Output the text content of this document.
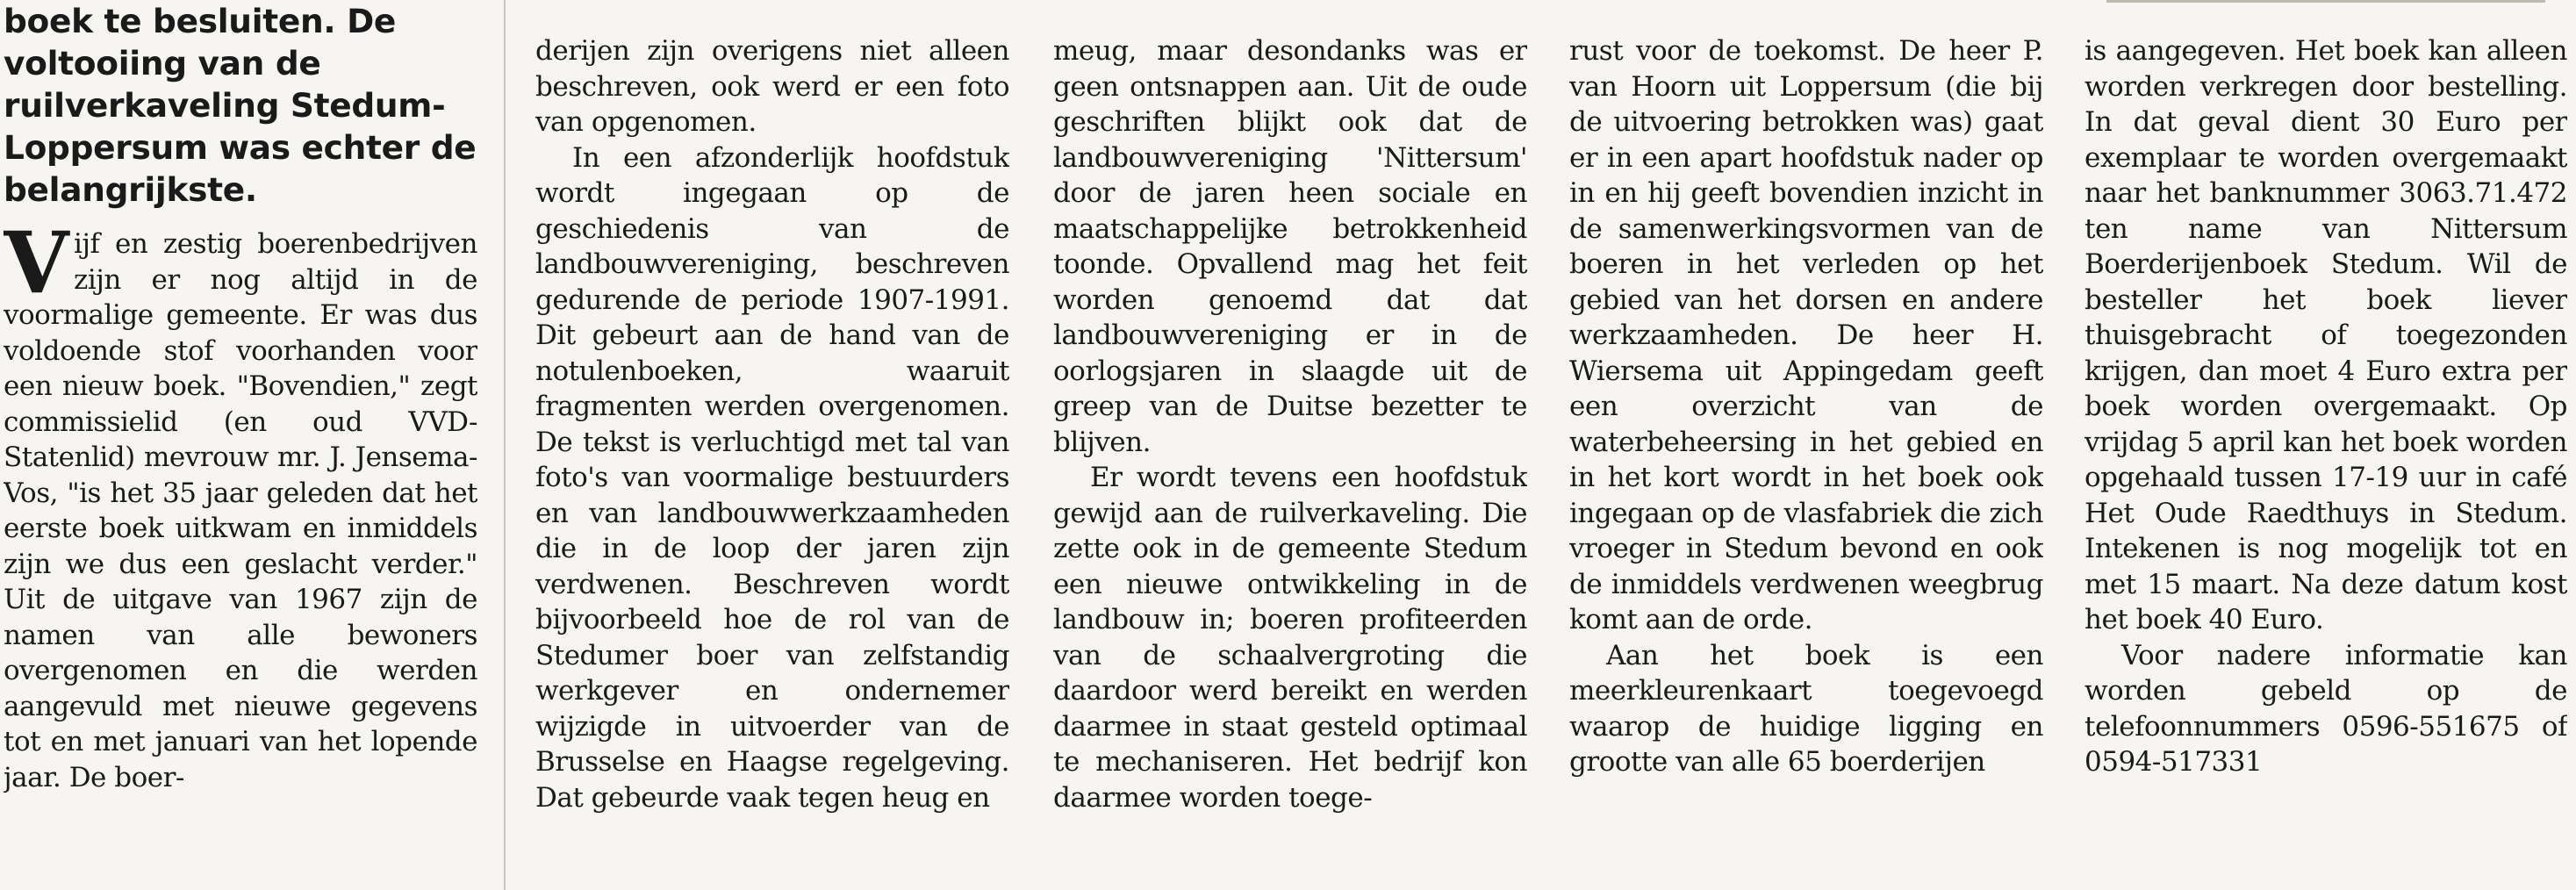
boek te besluiten. De voltooiing van de ruilverkaveling Stedum-Loppersum was echter de belangrijkste.

Vijf en zestig boerenbedrijven zijn er nog altijd in de voormalige gemeente. Er was dus voldoende stof voorhanden voor een nieuw boek. "Bovendien," zegt commissielid (en oud VVD-Statenlid) mevrouw mr. J. Jensema-Vos, "is het 35 jaar geleden dat het eerste boek uitkwam en inmiddels zijn we dus een geslacht verder." Uit de uitgave van 1967 zijn de namen van alle bewoners overgenomen en die werden aangevuld met nieuwe gegevens tot en met januari van het lopende jaar. De boer-

derijen zijn overigens niet alleen beschreven, ook werd er een foto van opgenomen.

In een afzonderlijk hoofdstuk wordt ingegaan op de geschiedenis van de landbouwvereniging, beschreven gedurende de periode 1907-1991. Dit gebeurt aan de hand van de notulenboeken, waaruit fragmenten werden overgenomen. De tekst is verluchtigd met tal van foto's van voormalige bestuurders en van landbouwwerkzaamheden die in de loop der jaren zijn verdwenen. Beschreven wordt bijvoorbeeld hoe de rol van de Stedumer boer van zelfstandig werkgever en ondernemer wijzigde in uitvoerder van de Brusselse en Haagse regelgeving. Dat gebeurde vaak tegen heug en

meug, maar desondanks was er geen ontsnappen aan. Uit de oude geschriften blijkt ook dat de landbouwvereniging 'Nittersum' door de jaren heen sociale en maatschappelijke betrokkenheid toonde. Opvallend mag het feit worden genoemd dat dat landbouwvereniging er in de oorlogsjaren in slaagde uit de greep van de Duitse bezetter te blijven.

Er wordt tevens een hoofdstuk gewijd aan de ruilverkaveling. Die zette ook in de gemeente Stedum een nieuwe ontwikkeling in de landbouw in; boeren profiteerden van de schaalvergroting die daardoor werd bereikt en werden daarmee in staat gesteld optimaal te mechaniseren. Het bedrijf kon daarmee worden toege-

rust voor de toekomst. De heer P. van Hoorn uit Loppersum (die bij de uitvoering betrokken was) gaat er in een apart hoofdstuk nader op in en hij geeft bovendien inzicht in de samenwerkingsvormen van de boeren in het verleden op het gebied van het dorsen en andere werkzaamheden. De heer H. Wiersema uit Appingedam geeft een overzicht van de waterbeheersing in het gebied en in het kort wordt in het boek ook ingegaan op de vlasfabriek die zich vroeger in Stedum bevond en ook de inmiddels verdwenen weegbrug komt aan de orde.

Aan het boek is een meerkleurenkaart toegevoegd waarop de huidige ligging en grootte van alle 65 boerderijen

is aangegeven. Het boek kan alleen worden verkregen door bestelling. In dat geval dient 30 Euro per exemplaar te worden overgemaakt naar het banknummer 3063.71.472 ten name van Nittersum Boerderijenboek Stedum. Wil de besteller het boek liever thuisgebracht of toegezonden krijgen, dan moet 4 Euro extra per boek worden overgemaakt. Op vrijdag 5 april kan het boek worden opgehaald tussen 17-19 uur in café Het Oude Raedthuys in Stedum. Intekenen is nog mogelijk tot en met 15 maart. Na deze datum kost het boek 40 Euro.

Voor nadere informatie kan worden gebeld op de telefoonnummers 0596-551675 of 0594-517331
